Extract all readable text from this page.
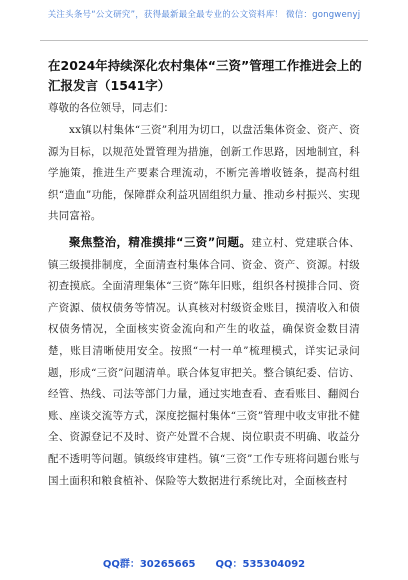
关注头条号“公文研究”，获得最新最全最专业的公文资料库！ 微信：gongwenyj
在2024年持续深化农村集体“三资”管理工作推进会上的汇报发言（1541字）
尊敬的各位领导，同志们：

xx镇以村集体“三资”利用为切口，以盘活集体资金、资产、资源为目标，以规范处置管理为措施，创新工作思路，因地制宜，科学施策，推进生产要素合理流动，不断完善增收链条，提高村组织“造血”功能，保障群众利益巩固组织力量、推动乡村振兴、实现共同富裕。

聚焦整治，精准摸排“三资”问题。建立村、党建联合体、镇三级摸排制度，全面清查村集体合同、资金、资产、资源。村级初查摸底。全面清理集体“三资”陈年旧账，组织各村摸排合同、资产资源、债权债务等情况。认真核对村级资金账目，摸清收入和债权债务情况，全面核实资金流向和产生的收益，确保资金数目清楚，账目清晰使用安全。按照“一村一单”梳理模式，详实记录问题，形成“三资”问题清单。联合体复审把关。整合镇纪委、信访、经管、热线、司法等部门力量，通过实地查看、查看账目、翻阅台账、座谈交流等方式，深度挖掘村集体“三资”管理中收支审批不健全、资源登记不及时、资产处置不合规、岗位职责不明确、收益分配不透明等问题。镇级终审建档。镇“三资”工作专班将问题台账与国土面积和粮食植补、保险等大数据进行系统比对，全面核查村

QQ群：30265665 QQ：535304092
